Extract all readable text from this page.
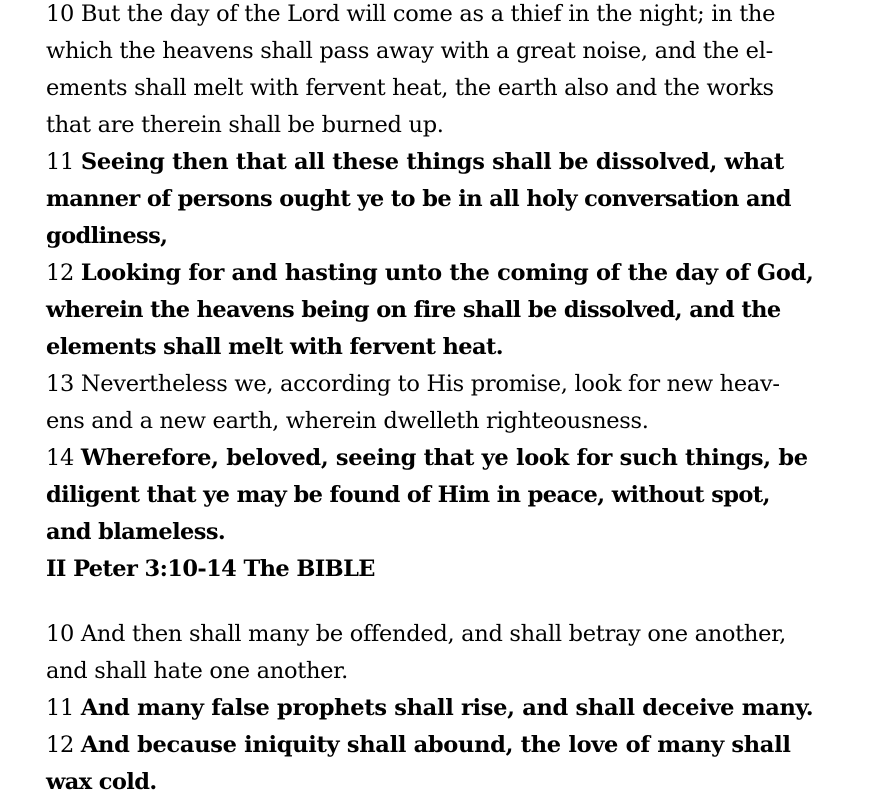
10 But the day of the Lord will come as a thief in the night; in the
which the heavens shall pass away with a great noise, and the el-
ements shall melt with fervent heat, the earth also and the works
that are therein shall be burned up.
11 Seeing then that all these things shall be dissolved, what
manner of persons ought ye to be in all holy conversation and
godliness,
12 Looking for and hasting unto the coming of the day of God,
wherein the heavens being on fire shall be dissolved, and the
elements shall melt with fervent heat.
13 Nevertheless we, according to His promise, look for new heav-
ens and a new earth, wherein dwelleth righteousness.
14 Wherefore, beloved, seeing that ye look for such things, be
diligent that ye may be found of Him in peace, without spot,
and blameless.
II Peter 3:10-14 The BIBLE
10 And then shall many be offended, and shall betray one another,
and shall hate one another.
11 And many false prophets shall rise, and shall deceive many.
12 And because iniquity shall abound, the love of many shall
wax cold.
